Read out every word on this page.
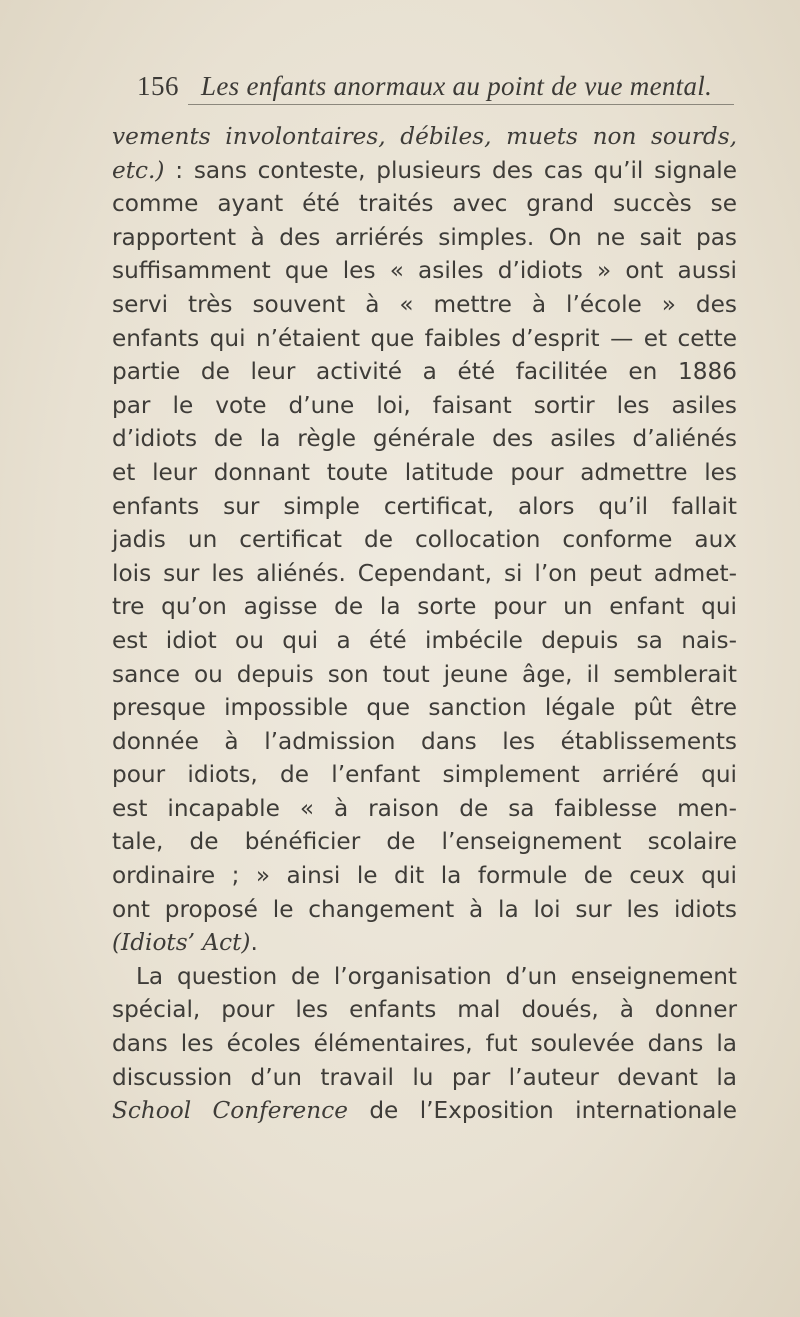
156 Les enfants anormaux au point de vue mental.
vements involontaires, débiles, muets non sourds,
etc.) : sans conteste, plusieurs des cas qu’il signale
comme ayant été traités avec grand succès se
rapportent à des arriérés simples. On ne sait pas
suffisamment que les « asiles d’idiots » ont aussi
servi très souvent à « mettre à l’école » des
enfants qui n’étaient que faibles d’esprit — et cette
partie de leur activité a été facilitée en 1886
par le vote d’une loi, faisant sortir les asiles
d’idiots de la règle générale des asiles d’aliénés
et leur donnant toute latitude pour admettre les
enfants sur simple certificat, alors qu’il fallait
jadis un certificat de collocation conforme aux
lois sur les aliénés. Cependant, si l’on peut admet-
tre qu’on agisse de la sorte pour un enfant qui
est idiot ou qui a été imbécile depuis sa nais-
sance ou depuis son tout jeune âge, il semblerait
presque impossible que sanction légale pût être
donnée à l’admission dans les établissements
pour idiots, de l’enfant simplement arriéré qui
est incapable « à raison de sa faiblesse men-
tale, de bénéficier de l’enseignement scolaire
ordinaire ; » ainsi le dit la formule de ceux qui
ont proposé le changement à la loi sur les idiots
(Idiots’ Act).
La question de l’organisation d’un enseignement
spécial, pour les enfants mal doués, à donner
dans les écoles élémentaires, fut soulevée dans la
discussion d’un travail lu par l’auteur devant la
School Conference de l’Exposition internationale
